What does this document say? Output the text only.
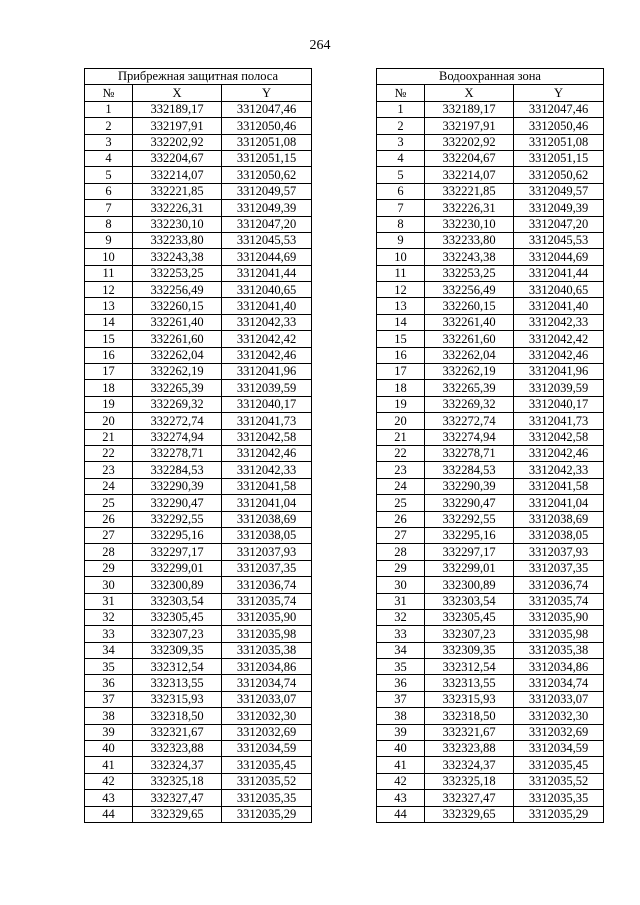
264
Прибрежная защитная полоса		
№	X	Y
1	332189,17	3312047,46
2	332197,91	3312050,46
3	332202,92	3312051,08
4	332204,67	3312051,15
5	332214,07	3312050,62
6	332221,85	3312049,57
7	332226,31	3312049,39
8	332230,10	3312047,20
9	332233,80	3312045,53
10	332243,38	3312044,69
11	332253,25	3312041,44
12	332256,49	3312040,65
13	332260,15	3312041,40
14	332261,40	3312042,33
15	332261,60	3312042,42
16	332262,04	3312042,46
17	332262,19	3312041,96
18	332265,39	3312039,59
19	332269,32	3312040,17
20	332272,74	3312041,73
21	332274,94	3312042,58
22	332278,71	3312042,46
23	332284,53	3312042,33
24	332290,39	3312041,58
25	332290,47	3312041,04
26	332292,55	3312038,69
27	332295,16	3312038,05
28	332297,17	3312037,93
29	332299,01	3312037,35
30	332300,89	3312036,74
31	332303,54	3312035,74
32	332305,45	3312035,90
33	332307,23	3312035,98
34	332309,35	3312035,38
35	332312,54	3312034,86
36	332313,55	3312034,74
37	332315,93	3312033,07
38	332318,50	3312032,30
39	332321,67	3312032,69
40	332323,88	3312034,59
41	332324,37	3312035,45
42	332325,18	3312035,52
43	332327,47	3312035,35
44	332329,65	3312035,29
Водоохранная зона		
№	X	Y
1	332189,17	3312047,46
2	332197,91	3312050,46
3	332202,92	3312051,08
4	332204,67	3312051,15
5	332214,07	3312050,62
6	332221,85	3312049,57
7	332226,31	3312049,39
8	332230,10	3312047,20
9	332233,80	3312045,53
10	332243,38	3312044,69
11	332253,25	3312041,44
12	332256,49	3312040,65
13	332260,15	3312041,40
14	332261,40	3312042,33
15	332261,60	3312042,42
16	332262,04	3312042,46
17	332262,19	3312041,96
18	332265,39	3312039,59
19	332269,32	3312040,17
20	332272,74	3312041,73
21	332274,94	3312042,58
22	332278,71	3312042,46
23	332284,53	3312042,33
24	332290,39	3312041,58
25	332290,47	3312041,04
26	332292,55	3312038,69
27	332295,16	3312038,05
28	332297,17	3312037,93
29	332299,01	3312037,35
30	332300,89	3312036,74
31	332303,54	3312035,74
32	332305,45	3312035,90
33	332307,23	3312035,98
34	332309,35	3312035,38
35	332312,54	3312034,86
36	332313,55	3312034,74
37	332315,93	3312033,07
38	332318,50	3312032,30
39	332321,67	3312032,69
40	332323,88	3312034,59
41	332324,37	3312035,45
42	332325,18	3312035,52
43	332327,47	3312035,35
44	332329,65	3312035,29
